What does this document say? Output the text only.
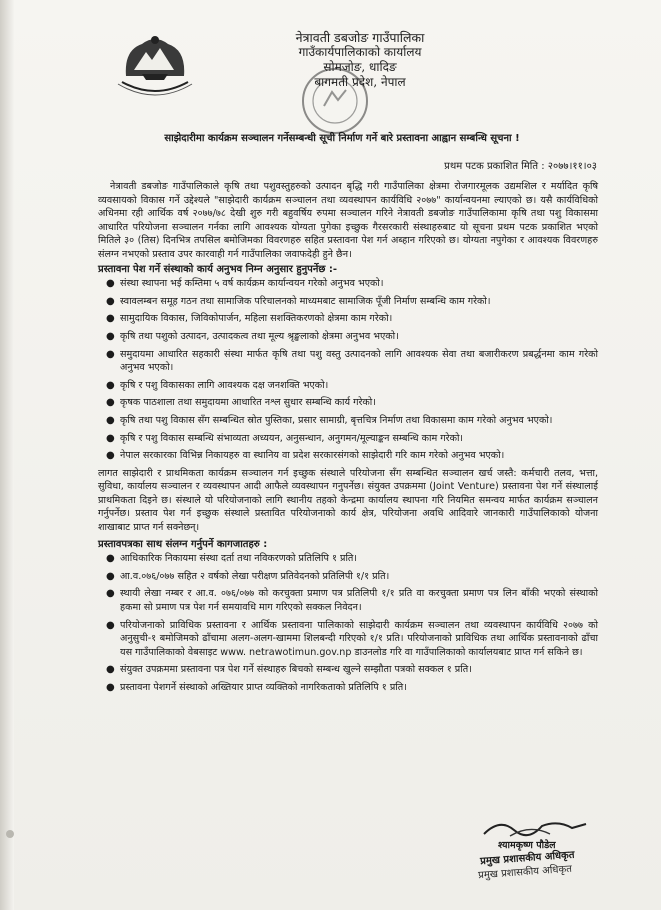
नेत्रावती डबजोङ गाउँपालिका
गाउँकार्यपालिकाको कार्यालय
सोमजोङ, धादिङ
बागमती प्रदेश, नेपाल
साझेदारीमा कार्यक्रम सञ्चालन गर्नेसम्बन्धी सूची निर्माण गर्ने बारे प्रस्तावना आह्वान सम्बन्धि सूचना !
प्रथम पटक प्रकाशित मिति : २०७७।११।०३

नेत्रावती डबजोङ गाउँपालिकाले कृषि तथा पशुवस्तुहरुको उत्पादन बृद्धि गरी गाउँपालिका क्षेत्रमा रोजगारमूलक उद्यमशिल र मर्यादित कृषि व्यवसायको विकास गर्ने उद्देश्यले "साझेदारी कार्यक्रम सञ्चालन तथा व्यवस्थापन कार्यविधि २०७७" कार्यान्वयनमा ल्याएको छ। यसै कार्यविधिको अधिनमा रही आर्थिक वर्ष २०७७/७८ देखी शुरु गरी बहुवर्षिय रुपमा सञ्चालन गरिने नेत्रावती डबजोङ गाउँपालिकामा कृषि तथा पशु विकासमा आधारित परियोजना सञ्चालन गर्नका लागि आवश्यक योग्यता पुगेका इच्छुक गैरसरकारी संस्थाहरुबाट यो सूचना प्रथम पटक प्रकाशित भएको मितिले ३० (तिस) दिनभित्र तपसिल बमोजिमका विवरणहरु सहित प्रस्तावना पेश गर्न अब्हान गरिएको छ। योग्यता नपुगेका र आवश्यक विवरणहरु संलग्न नभएको प्रस्ताव उपर कारवाही गर्न गाउँपालिका जवाफदेही हुने छैन।

प्रस्तावना पेश गर्ने संस्थाको कार्य अनुभव निम्न अनुसार हुनुपर्नेछ :-
● संस्था स्थापना भई कम्तिमा ५ वर्ष कार्यक्रम कार्यान्वयन गरेको अनुभव भएको।
● स्वावलम्बन समूह गठन तथा सामाजिक परिचालनको माध्यमबाट सामाजिक पूँजी निर्माण सम्बन्धि काम गरेको।
● सामुदायिक विकास, जिविकोपार्जन, महिला सशक्तिकरणको क्षेत्रमा काम गरेको।
● कृषि तथा पशुको उत्पादन, उत्पादकत्व तथा मूल्य श्रृङ्खलाको क्षेत्रमा अनुभव भएको।
● समुदायमा आधारित सहकारी संस्था मार्फत कृषि तथा पशु वस्तु उत्पादनको लागि आवश्यक सेवा तथा बजारीकरण प्रबर्द्धनमा काम गरेको अनुभव भएको।
● कृषि र पशु विकासका लागि आवश्यक दक्ष जनशक्ति भएको।
● कृषक पाठशाला तथा समुदायमा आधारित नश्ल सुधार सम्बन्धि कार्य गरेको।
● कृषि तथा पशु विकास सँग सम्बन्धित स्रोत पुस्तिका, प्रसार सामाग्री, बृत्तचित्र निर्माण तथा विकासमा काम गरेको अनुभव भएको।
● कृषि र पशु विकास सम्बन्धि संभाव्यता अध्ययन, अनुसन्धान, अनुगमन/मूल्याङ्कन सम्बन्धि काम गरेको।
● नेपाल सरकारका विभिन्न निकायहरु वा स्थानिय वा प्रदेश सरकारसंगको साझेदारी गरि काम गरेको अनुभव भएको।

लागत साझेदारी र प्राथमिकता कार्यक्रम सञ्चालन गर्न इच्छुक संस्थाले परियोजना सँग सम्बन्धित सञ्चालन खर्च जस्तै: कर्मचारी तलव, भत्ता, सुविधा, कार्यालय सञ्चालन र व्यवस्थापन आदी आफैले व्यवस्थापन गनुपर्नेछ। संयुक्त उपक्रममा (Joint Venture) प्रस्तावना पेश गर्ने संस्थालाई प्राथमिकता दिइने छ। संस्थाले यो परियोजनाको लागि स्थानीय तहको केन्द्रमा कार्यालय स्थापना गरि नियमित समन्वय मार्फत कार्यक्रम सञ्चालन गर्नुपर्नेछ। प्रस्ताव पेश गर्न इच्छुक संस्थाले प्रस्तावित परियोजनाको कार्य क्षेत्र, परियोजना अवधि आदिवारे जानकारी गाउँपालिकाको योजना शाखाबाट प्राप्त गर्न सक्नेछन्।

प्रस्तावपत्रका साथ संलग्न गर्नुपर्ने कागजातहरु :
● आधिकारिक निकायमा संस्था दर्ता तथा नविकरणको प्रतिलिपि १ प्रति।
● आ.व.०७६/०७७ सहित २ वर्षको लेखा परीक्षण प्रतिवेदनको प्रतिलिपी १/१ प्रति।
● स्थायी लेखा नम्बर र आ.व. ०७६/०७७ को करचुक्ता प्रमाण पत्र प्रतिलिपी १/१ प्रति वा करचुक्ता प्रमाण पत्र लिन बाँकी भएको संस्थाको हकमा सो प्रमाण पत्र पेश गर्न समयावधि माग गरिएको सक्कल निवेदन।
● परियोजनाको प्राविधिक प्रस्तावना र आर्थिक प्रस्तावना पालिकाको साझेदारी कार्यक्रम सञ्चालन तथा व्यवस्थापन कार्यविधि २०७७ को अनुसुची-१ बमोजिमको ढाँचामा अलग-अलग-खाममा शिलबन्दी गरिएको १/१ प्रति। परियोजनाको प्राविधिक तथा आर्थिक प्रस्तावनाको ढाँचा यस गाउँपालिकाको वेबसाइट www. netrawotimun.gov.np डाउनलोड गरि वा गाउँपालिकाको कार्यालयबाट प्राप्त गर्न सकिने छ।
● संयुक्त उपक्रममा प्रस्तावना पत्र पेश गर्ने संस्थाहरु बिचको सम्बन्ध खुल्ने सम्झौता पत्रको सक्कल १ प्रति।
● प्रस्तावना पेशगर्ने संस्थाको अख्तियार प्राप्त व्यक्तिको नागरिकताको प्रतिलिपि १ प्रति।
श्यामकृष्ण पौडेल
प्रमुख प्रशासकीय अधिकृत
प्रमुख प्रशासकीय अधिकृत
